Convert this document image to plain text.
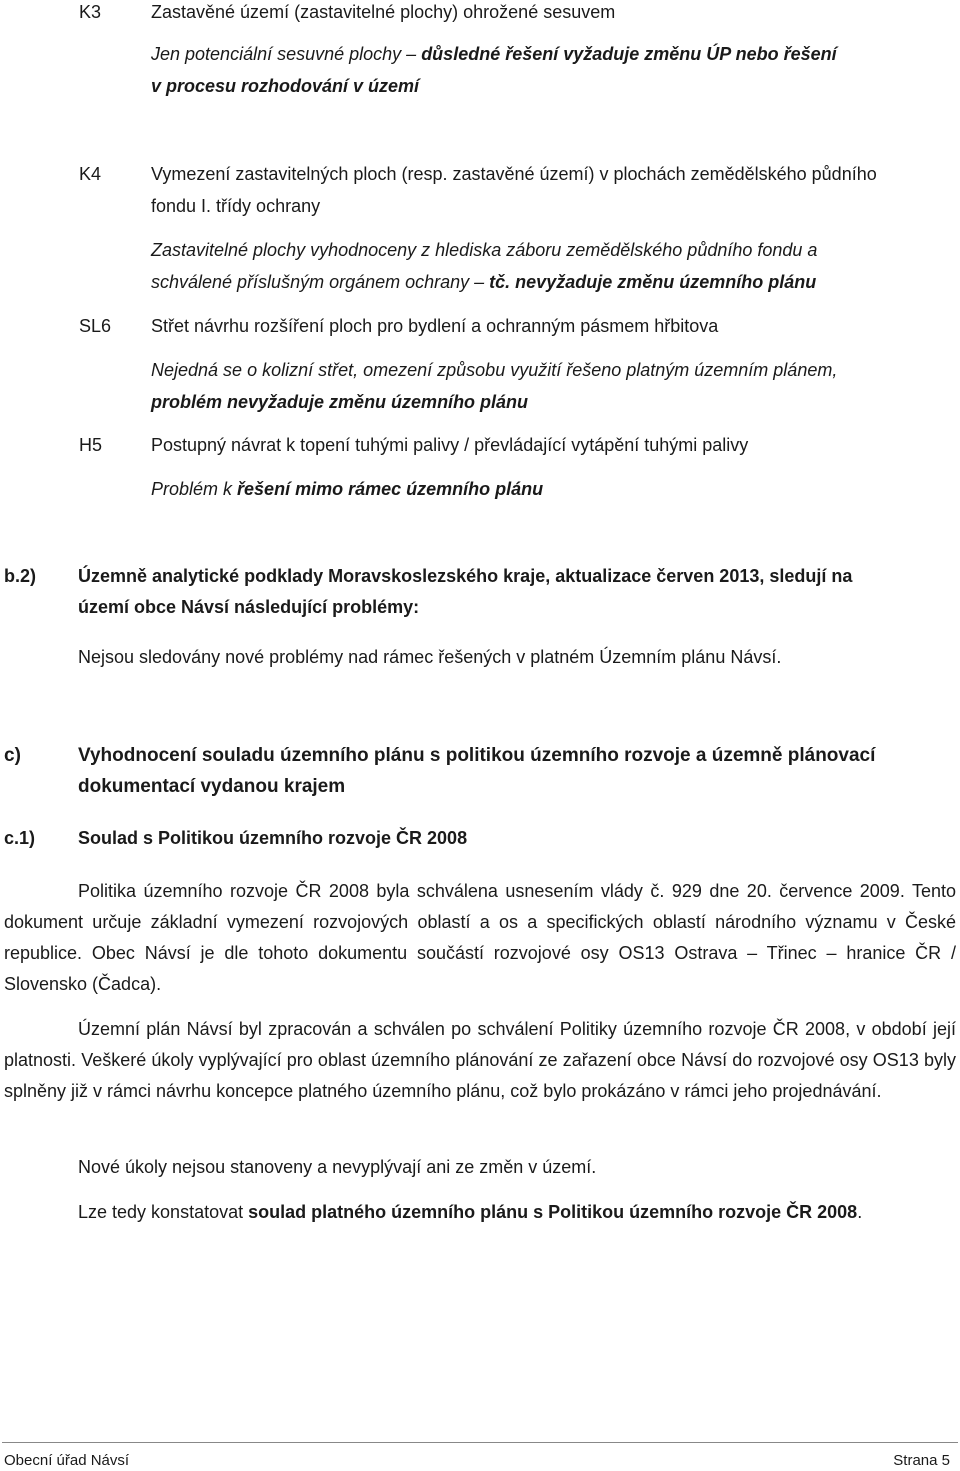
K3	Zastavěné území (zastavitelné plochy) ohrožené sesuvem
Jen potenciální sesuvné plochy – důsledné řešení vyžaduje změnu ÚP nebo řešení
v procesu rozhodování v území
K4	Vymezení zastavitelných ploch (resp. zastavěné území) v plochách zemědělského půdního
fondu I. třídy ochrany
Zastavitelné plochy vyhodnoceny z hlediska záboru zemědělského půdního fondu a
schválené příslušným orgánem ochrany – tč. nevyžaduje změnu územního plánu
SL6 Střet návrhu rozšíření ploch pro bydlení a ochranným pásmem hřbitova
Nejedná se o kolizní střet, omezení způsobu využití řešeno platným územním plánem,
problém nevyžaduje změnu územního plánu
H5	Postupný návrat k topení tuhými palivy / převládající vytápění tuhými palivy
Problém k řešení mimo rámec územního plánu
b.2) Územně analytické podklady Moravskoslezského kraje, aktualizace červen 2013, sledují na
území obce Návsí následující problémy:
Nejsou sledovány nové problémy nad rámec řešených v platném Územním plánu Návsí.
c)	Vyhodnocení souladu územního plánu s politikou územního rozvoje a územně plánovací
dokumentací vydanou krajem
c.1) Soulad s Politikou územního rozvoje ČR 2008
Politika územního rozvoje ČR 2008 byla schválena usnesením vlády č. 929 dne 20. července 2009. Tento dokument určuje základní vymezení rozvojových oblastí a os a specifických oblastí národního významu v České republice. Obec Návsí je dle tohoto dokumentu součástí rozvojové osy OS13 Ostrava – Třinec – hranice ČR / Slovensko (Čadca).
Územní plán Návsí byl zpracován a schválen po schválení Politiky územního rozvoje ČR 2008, v období její platnosti. Veškeré úkoly vyplývající pro oblast územního plánování ze zařazení obce Návsí do rozvojové osy OS13 byly splněny již v rámci návrhu koncepce platného územního plánu, což bylo prokázáno v rámci jeho projednávání.
Nové úkoly nejsou stanoveny a nevyplývají ani ze změn v území.
Lze tedy konstatovat soulad platného územního plánu s Politikou územního rozvoje ČR 2008.
Obecní úřad Návsí	Strana 5
